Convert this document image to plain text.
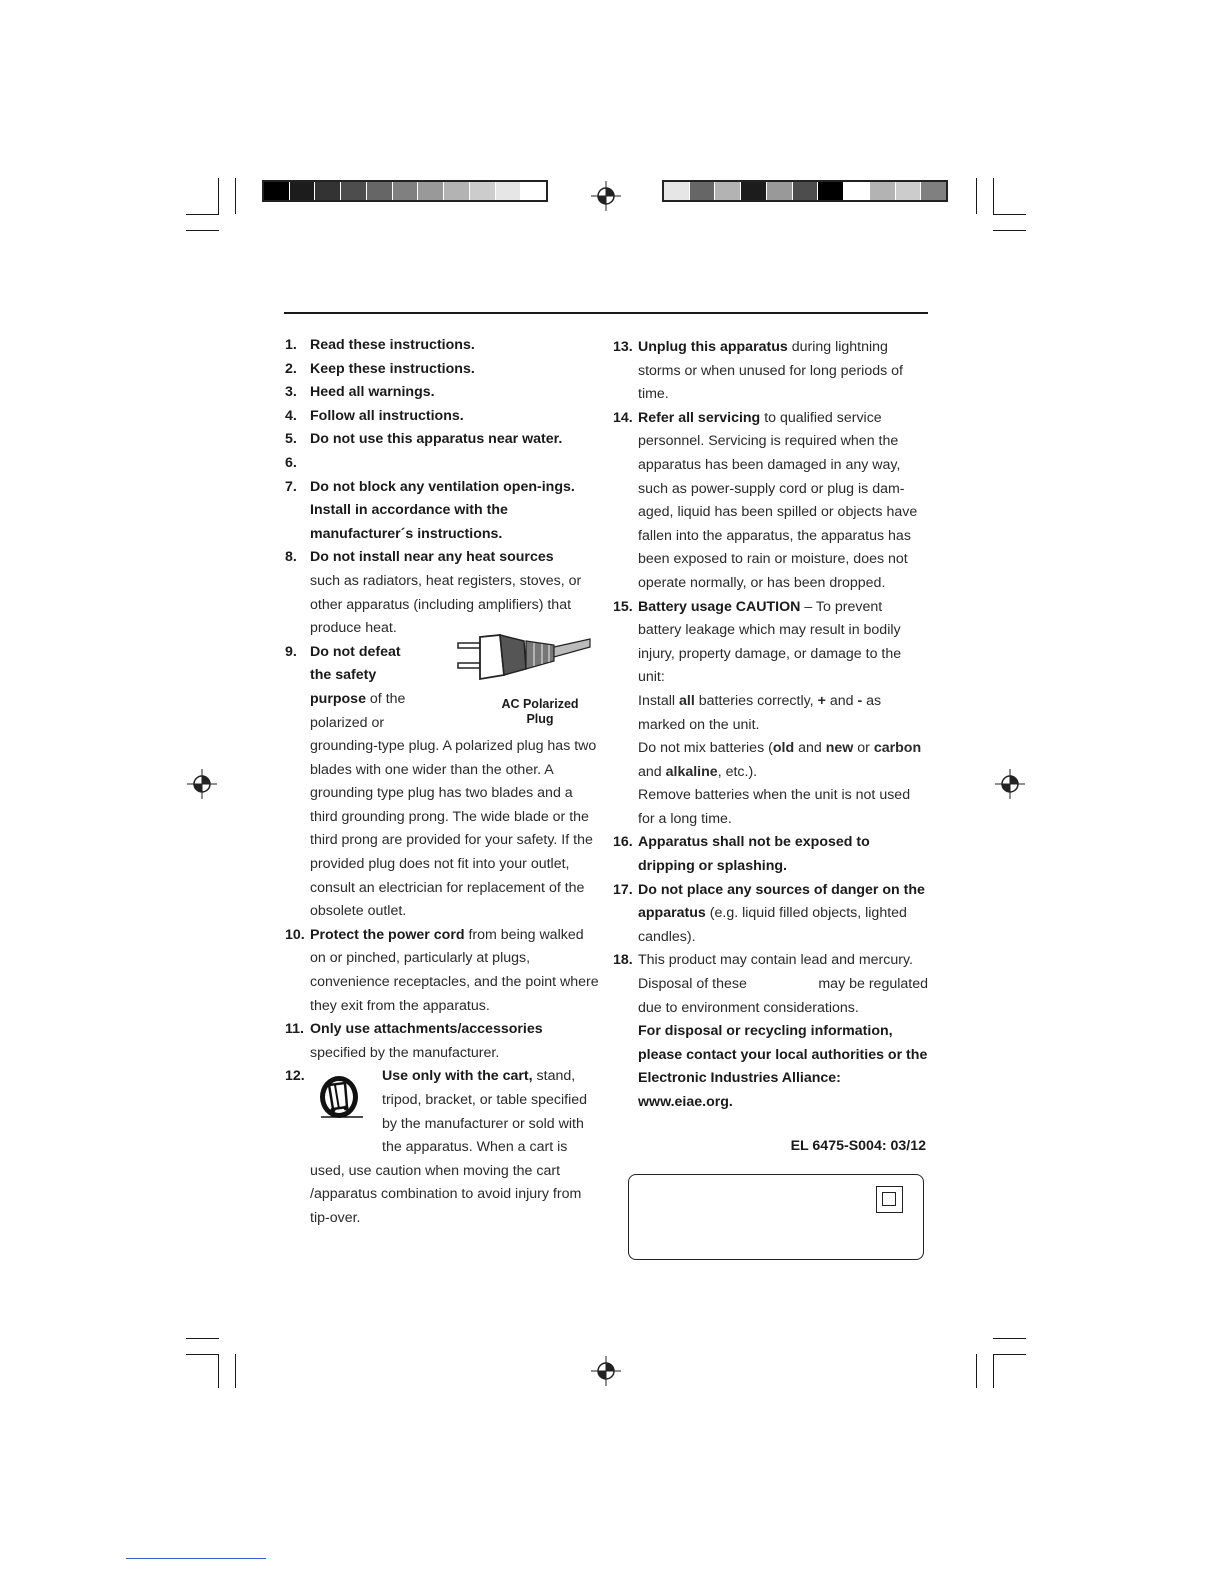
1. Read these instructions.
2. Keep these instructions.
3. Heed all warnings.
4. Follow all instructions.
5. Do not use this apparatus near water.
6.

7. Do not block any ventilation open-ings. Install in accordance with the manufacturer´s instructions.
8. Do not install near any heat sources
such as radiators, heat registers, stoves, or other apparatus (including amplifiers) that produce heat.
9. Do not defeat
the safety
purpose of the
polarized or
grounding-type plug. A polarized plug has two blades with one wider than the other. A grounding type plug has two blades and a third grounding prong. The wide blade or the third prong are provided for your safety. If the provided plug does not fit into your outlet, consult an electrician for replacement of the obsolete outlet.
AC Polarized
Plug
10. Protect the power cord from being walked on or pinched, particularly at plugs, convenience receptacles, and the point where they exit from the apparatus.
11. Only use attachments/accessories
specified by the manufacturer.
12.	Use only with the cart, stand,
tripod, bracket, or table specified
by the manufacturer or sold with
the apparatus. When a cart is
used, use caution when moving the cart /apparatus combination to avoid injury from tip-over.
13. Unplug this apparatus during lightning storms or when unused for long periods of time.
14. Refer all servicing to qualified service personnel. Servicing is required when the apparatus has been damaged in any way, such as power-supply cord or plug is dam-aged, liquid has been spilled or objects have fallen into the apparatus, the apparatus has been exposed to rain or moisture, does not operate normally, or has been dropped.
15. Battery usage CAUTION – To prevent battery leakage which may result in bodily injury, property damage, or damage to the unit:
Install all batteries correctly, + and - as marked on the unit.
Do not mix batteries (old and new or carbon and alkaline, etc.).
Remove batteries when the unit is not used for a long time.
16. Apparatus shall not be exposed to dripping or splashing.
17. Do not place any sources of danger on the apparatus (e.g. liquid filled objects, lighted candles).
18. This product may contain lead and mercury.
Disposal of these	may be regulated
due to environment considerations.
For disposal or recycling information, please contact your local authorities or the Electronic Industries Alliance: www.eiae.org.
EL 6475-S004: 03/12
